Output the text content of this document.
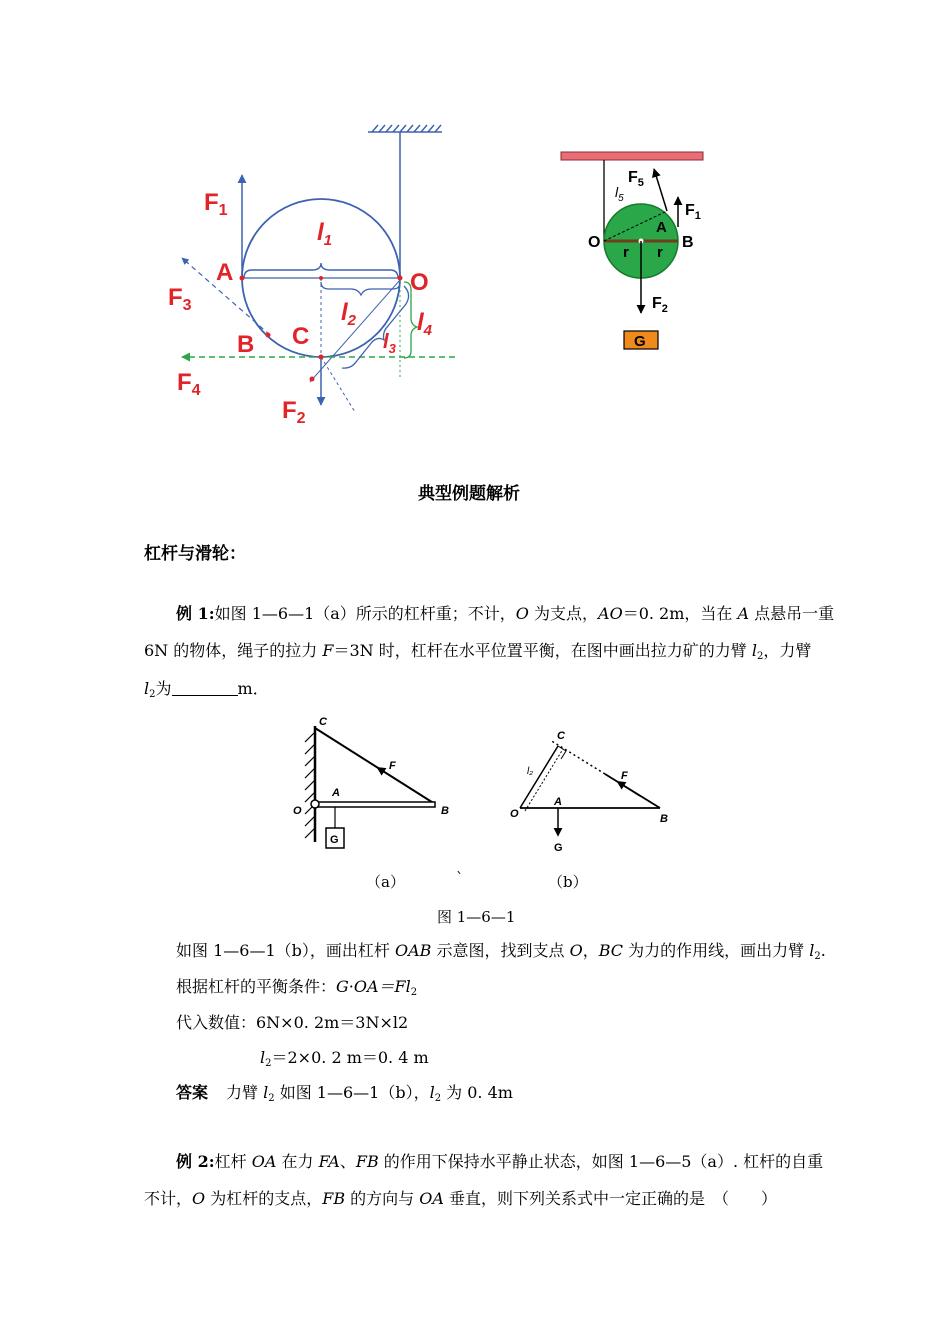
$F_1$
$F_3$
$F_4$
$F_2$
A
B C
O
$l_1$
$l_2$
$l_3$
$l_4$
$F_5$
$F_1$
$F_2$
$l_5$
A
O	B
r r
G
典型例题解析
杠杆与滑轮：
例 1:如图 1—6—1（a）所示的杠杆重；不计，O 为支点，AO＝0. 2m，当在 A 点悬吊一重
6N 的物体，绳子的拉力 F＝3N 时，杠杆在水平位置平衡，在图中画出拉力矿的力臂 $l_2$，力臂
$l_2$为	m．
C
F
A
O	B
G
C
l₂	F
A
O	B
G
（a）	`	（b）
图 1—6—1
如图 1—6—1（b），画出杠杆 OAB 示意图，找到支点 O，BC 为力的作用线，画出力臂 $l_2$.
根据杠杆的平衡条件：$G\cdot OA=Fl_2$
代入数值：6N×0. 2m＝3N×l2
$l_2=2\times 0$. 2 m＝0. 4 m
答案 力臂 $l_2$ 如图 1—6—1（b），$l_2$ 为 0. 4m
例 2:杠杆 OA 在力 FA、FB 的作用下保持水平静止状态，如图 1—6—5（a）. 杠杆的自重
不计，O 为杠杆的支点，FB 的方向与 OA 垂直，则下列关系式中一定正确的是　（　　）
